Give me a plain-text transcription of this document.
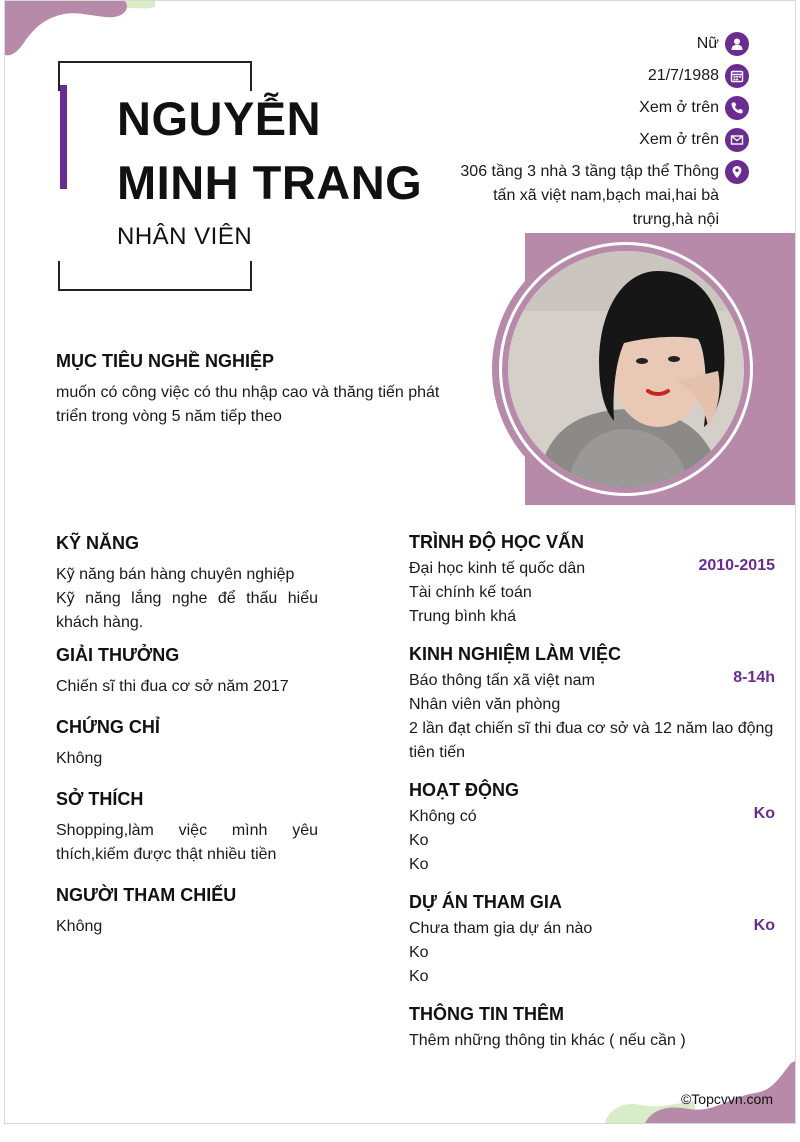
NGUYỄN
MINH TRANG
NHÂN VIÊN
Nữ
21/7/1988
Xem ở trên
Xem ở trên
306 tầng 3 nhà 3 tầng tập thể Thông
tấn xã việt nam,bạch mai,hai bà
trưng,hà nội
MỤC TIÊU NGHỀ NGHIỆP
muốn có công việc có thu nhập cao và thăng tiến phát triển trong vòng 5 năm tiếp theo
KỸ NĂNG
Kỹ năng bán hàng chuyên nghiệp
Kỹ năng lắng nghe để thấu hiểu khách hàng.
GIẢI THƯỞNG
Chiến sĩ thi đua cơ sở năm 2017
CHỨNG CHỈ
Không
SỞ THÍCH
Shopping,làm việc mình yêu thích,kiếm được thật nhiều tiền
NGƯỜI THAM CHIẾU
Không
TRÌNH ĐỘ HỌC VẤN
Đại học kinh tế quốc dân	2010-2015
Tài chính kế toán
Trung bình khá
KINH NGHIỆM LÀM VIỆC
Báo thông tấn xã việt nam	8-14h
Nhân viên văn phòng
2 lần đạt chiến sĩ thi đua cơ sở và 12 năm lao động tiên tiến
HOẠT ĐỘNG
Không có	Ko
Ko
Ko
DỰ ÁN THAM GIA
Chưa tham gia dự án nào	Ko
Ko
Ko
THÔNG TIN THÊM
Thêm những thông tin khác ( nếu cần )
©Topcvvn.com
